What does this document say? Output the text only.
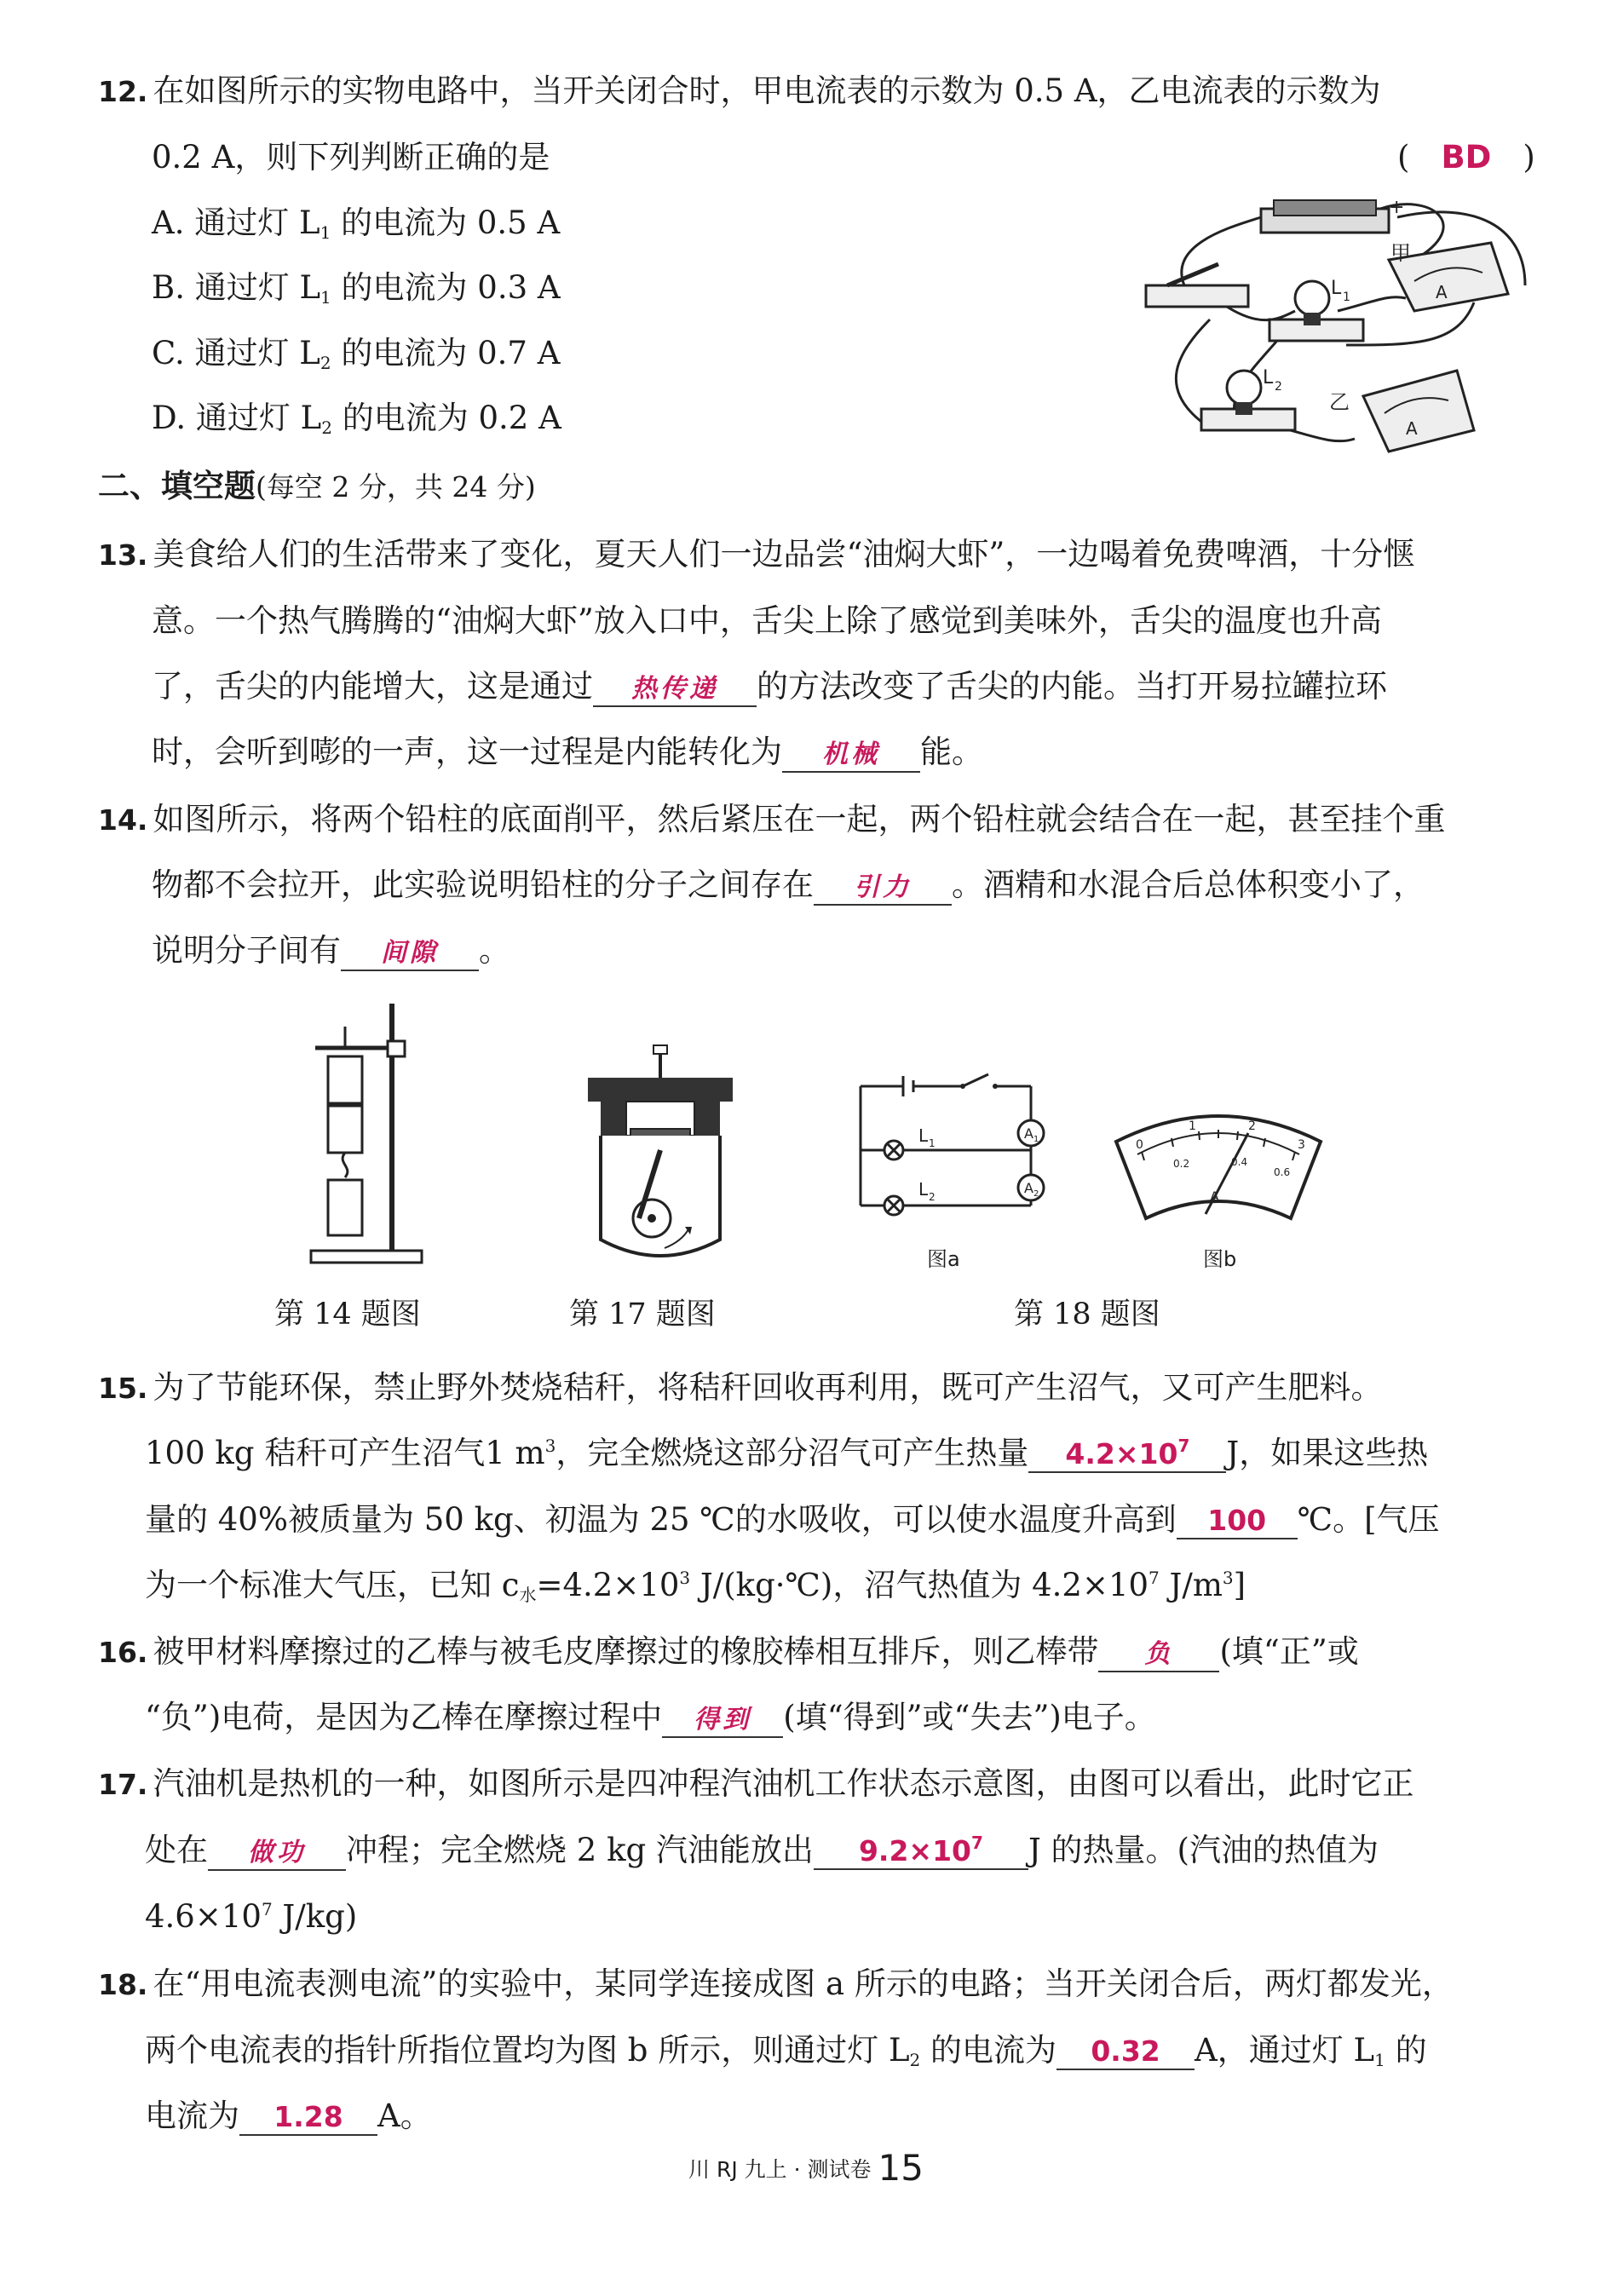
12. 在如图所示的实物电路中，当开关闭合时，甲电流表的示数为 0.5 A，乙电流表的示数为
0.2 A，则下列判断正确的是	(　BD　)
A. 通过灯 $L_1$ 的电流为 0.5 A
B. 通过灯 $L_1$ 的电流为 0.3 A
C. 通过灯 $L_2$ 的电流为 0.7 A
D. 通过灯 $L_2$ 的电流为 0.2 A
+
L 1
L 2
A
甲
A
乙
二、填空题(每空 2 分，共 24 分)
13. 美食给人们的生活带来了变化，夏天人们一边品尝“油焖大虾”，一边喝着免费啤酒，十分惬
意。一个热气腾腾的“油焖大虾”放入口中，舌尖上除了感觉到美味外，舌尖的温度也升高
了，舌尖的内能增大，这是通过 热传递 的方法改变了舌尖的内能。当打开易拉罐拉环
时，会听到嘭的一声，这一过程是内能转化为 机械 能。
14. 如图所示，将两个铅柱的底面削平，然后紧压在一起，两个铅柱就会结合在一起，甚至挂个重
物都不会拉开，此实验说明铅柱的分子之间存在 引力 。酒精和水混合后总体积变小了，
说明分子间有 间隙 。
第 14 题图	第 17 题图
L 1
L 2
A 1
A 2
图a
0
1	2
3
0.2	0.4
0.6
A
图b
第 18 题图
15. 为了节能环保，禁止野外焚烧秸秆，将秸秆回收再利用，既可产生沼气，又可产生肥料。
100 kg 秸秆可产生沼气1 $m^3$，完全燃烧这部分沼气可产生热量 $4.2\times 10^7$ J，如果这些热
量的 40%被质量为 50 kg、初温为 25 ℃的水吸收，可以使水温度升高到 100 ℃。[气压
为一个标准大气压，已知 $c_水=4.2\times 10^3$ J/(kg·℃)，沼气热值为 $4.2\times 10^7$ $J/m^3$]
16. 被甲材料摩擦过的乙棒与被毛皮摩擦过的橡胶棒相互排斥，则乙棒带 负 (填“正”或
“负”)电荷，是因为乙棒在摩擦过程中 得到 (填“得到”或“失去”)电子。
17. 汽油机是热机的一种，如图所示是四冲程汽油机工作状态示意图，由图可以看出，此时它正
处在 做功 冲程；完全燃烧 2 kg 汽油能放出 $9.2\times 10^7$ J 的热量。(汽油的热值为
$4.6\times 10^7$ J/kg)
18. 在“用电流表测电流”的实验中，某同学连接成图 a 所示的电路；当开关闭合后，两灯都发光，
两个电流表的指针所指位置均为图 b 所示，则通过灯 $L_2$ 的电流为 0.32 A，通过灯 $L_1$ 的
电流为 1.28 A。
川 RJ 九上 · 测试卷 15
